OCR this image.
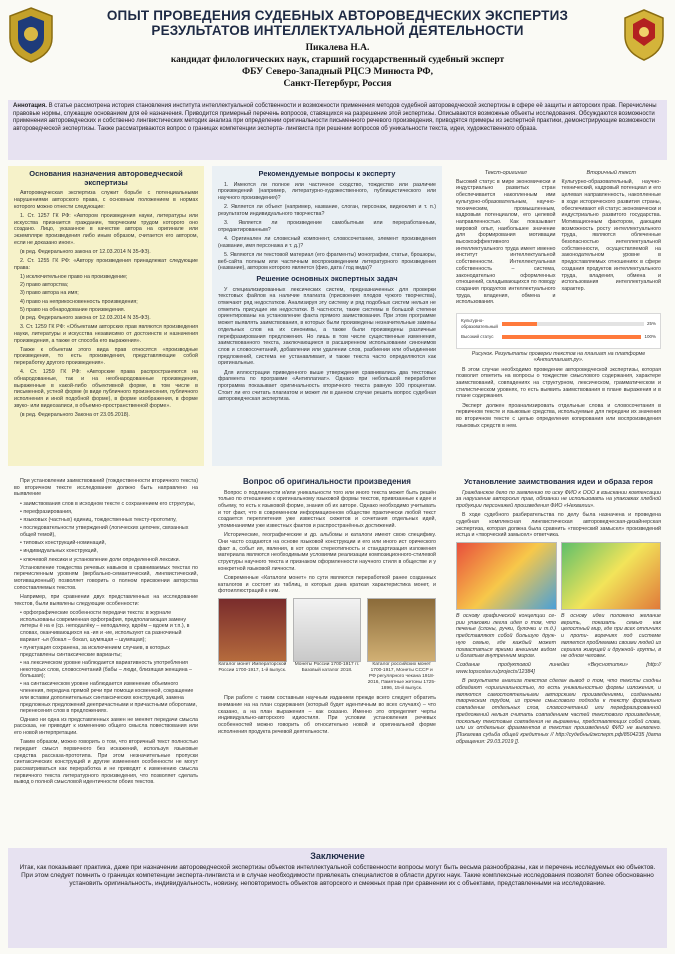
ОПЫТ ПРОВЕДЕНИЯ СУДЕБНЫХ АВТОРОВЕДЧЕСКИХ ЭКСПЕРТИЗ
РЕЗУЛЬТАТОВ ИНТЕЛЛЕКТУАЛЬНОЙ ДЕЯТЕЛЬНОСТИ
Пикалева Н.А.
кандидат филологических наук, старший государственный судебный эксперт
ФБУ Северо-Западный РЦСЭ Минюста РФ,
Санкт-Петербург, Россия
Аннотация. В статье рассмотрена история становления института интеллектуальной собственности и возможности применения методов судебной автороведческой экспертизы в сфере её защиты и авторских прав. Перечислены правовые нормы, служащие основанием для её назначения. Приводится примерный перечень вопросов, ставящихся на разрешение этой экспертизы. Описываются возможные объекты исследования. Обсуждаются возможности применения автороведческих и собственно лингвистических методик анализа при определении оригинальности письменного речевого произведения, приводятся примеры из экспертной практики, демонстрирующие возможности автороведческой экспертизы. Также рассматриваются вопрос о границах компетенции эксперта- лингвиста при решении вопросов об уникальности текста, идеи, художественного образа.
Основания назначения автороведческой экспертизы
Автороведческая экспертиза служит борьбе с потенциальными нарушениями авторского права, с основным положением в нормах которого можно отнести следующие:
1. Ст. 1257 ГК РФ: «Автором произведения науки, литературы или искусства признается гражданин, творческим трудом которого оно создано. Лицо, указанное в качестве автора на оригинале или экземпляре произведения либо иным образом, считается его автором, если не доказано иное».
(в ред. Федерального закона от 12.03.2014 N 35-ФЗ).
2. Ст. 1255 ГК РФ: «Автору произведения принадлежат следующие права:
1) исключительное право на произведение;
2) право авторства;
3) право автора на имя;
4) право на неприкосновенность произведения;
5) право на обнародование произведения.
(в ред. Федерального закона от 12.03.2014 N 35-ФЗ).
3. Ст. 1259 ГК РФ: «Объектами авторских прав являются произведения науки, литературы и искусства независимо от достоинств и назначения произведения, а также от способа его выражения».
Также к объектам этого вида прав относятся «производные произведения, то есть произведения, представляющие собой переработку другого произведения».
4. Ст. 1259 ГК РФ: «Авторские права распространяются на обнародованные, так и на необнародованные произведения, выраженные в какой-либо объективной форме, в том числе в письменной, устной форме (в виде публичного произнесения, публичного исполнения и иной подобной форме), в форме изображения, в форме звуко- или видеозаписи, в объемно-пространственной форме».
(в ред. Федерального Закона от 23.05.2018).
При установлении заимствований (тождественности вторичного текста) во вторичном тексте исследование должно быть направлено на выявление
• заимствования слов в исходном тексте с сохранением его структуры,
• перефразирования,
• языковых (частных) единиц, тождественных тексту-прототипу,
• последовательности утверждений (логических цепочек, связанных общей темой),
• типовых конструкций-номинаций,
• индивидуальных конструкций,
• ключевой лексики и установление доли определенной лексики.
Установление тождества речевых навыков в сравниваемых текстах по перечисленным уровням (вербально-семантический, лингвистический, мотивационный) позволяет говорить о полном присвоении авторства сопоставляемых текстов.
Например, при сравнении двух представленных на исследование текстов, были выявлены следующие особенности:
• орфографические особенности передачи текста: в журнале использованы современная орфография, предполагающая замену литеры ё на е (ср. неподалёку – неподалеку, вдоём – вдоем и т.п.), в словах, оканчивающихся на -ия и -ие, используют са разночиный вариант -ья (бокал – бокал, шумящая – шумящая);
• пунктуация сохранена, за исключением случаев, в которых представлены синтаксические варианты;
• на лексическом уровне наблюдается вариативность употребления некоторых слов, словосочетаний (бабы – люди, близящая женщина – большая);
• на синтаксическом уровне наблюдается изменение объемного членения, передача прямой речи при помощи косвенной, сокращение или вставки дополнительных синтаксических конструкций, замена предложных предложений деепричастными и причастными оборотами, перенесения слов в предложениях.
Однако ни одна из представленных замен не меняет передачи смысла рассказа, не приводит к изменению общего смысла повествования или его новой интерпретации.
Таким образом, можно говорить о том, что вторичный текст полностью передает смысл первичного без искажений, используя языковые средства рассказа-прототипа. При этом незначительные пропуски синтаксических конструкций и другие изменения особенности не могут рассматриваться как переработка и не приводят к изменению смысла первичного текста литературного произведения, что позволяет сделать вывод о полной смысловой идентичности обоих текстов.
Рекомендуемые вопросы к эксперту
1. Имеются ли полное или частичное сходство, тождество или различие произведений (например, литературно-художественного, публицистического или научного произведения)?
2. Является ли объект (например, название, слоган, персонаж, видеоклип и т. п.) результатом индивидуального творчества?
3. Является ли произведение самобытным или переработанным, отредактированным?
4. Оригинален ли словесный компонент, словосочетание, элемент произведения (название, имя персонажа и т. д.)?
5. Являются ли текстовой материал (его фрагменты) монографии, статьи, брошюры, веб-сайта полным или частичным воспроизведением литературного произведения (название), автором которого является (фио, дата / год вида)?
Решение основных экспертных задач
У специализированных лексических систем, предназначенных для проверки текстовых файлов на наличие плагиата (присвоения плодов чужого творчества), отмечают ряд недостатков. Анализируя эту систему и ряд подобных систем нельзя не отметить присущие им недостатки. В частности, такие системы в большой степени ориентированы на установление факта прямого заимствования. При этом программе может выявлять заимствования, в которых были произведены незначительные замены отдельных слов на их синонимы, а также были произведены различные перефразирования предложения. Но лишь в том числе существенные изменения, заимствованного текста, заключающиеся в расширенном использовании синонимов слов и словосочетаний, добавлении или удалении слов, разбиении или объединении предложений, система не устанавливает, и также текста часто определяются как оригинальные.
Для иллюстрации приведенного выше утверждения сравнивались два текстовых фрагмента по программе «Антиплагиат». Однако при небольшой переработке программа показывает оригинальность вторичного текста равную 100 процентам. Стоит ли его считать плагиатом и может ли в данном случае решить вопрос судебная автороведческая экспертиза.
Вопрос об оригинальности произведения
Вопрос о подлинности и/или уникальности того или иного текста может быть решён только по отношению к оригинальному языковой формы текстов, привязанные к идее и объему, то есть к языковой форме, знания об их авторе. Однако необходимо учитывать и тот факт, что в современном информационном обществе практически любой текст создается переплетения уже известных сюжетов и сочетания отдельных идей, упоминаниями уже известных фактов и распространённых достижений.
Исторические, географические и др. альбомы и каталоги имеют свою специфику. Они часто создаются на основе языковой конструкции и его или иного ист орического факт а, событ ия, явления, в кот ором стереотипность и стандартизация изложения материала являются необходимыми условиями реализации композиционного-стилевой структуры научного текста и признаком оформленности научного стиля в обществе и у конкретной языковой личности.
Современные «Каталоги монет» по сути являются переработкой ранее созданных каталогов и состоят из таблиц, в которых дана краткая характеристика монет, и фотоиллюстраций к ним.
Каталог монет Императорской России 1700-1917, 1-й выпуск.
Монеты России 1700-1917 гг. Базовый каталог 2018.
Каталог российских монет 1700-1917, Монеты СССР и РФ регулярного чекана 1918-2016, Памятные жетоны 1725-1896, 15-й выпуск.
При работе с таким составным научным изданием прежде всего следует обратить внимание на на план содержания (который будет идентичным во всех случаях) – что сказано, а на план выражения – как сказано. Именно это определяет черты индивидуально-авторского идиостиля. При условии установления речевых особенностей можно говорить об относительно новой и оригинальной форме исполнения продукта речевой деятельности.
Текст-оригинал
Высокий статус в мире экономически и индустриально развитых стран обеспечивается накопленным ими культурно-образовательным, научно-техническим, промышленным, кадровым потенциалом, его целевой направленностью. Как показывает мировой опыт, наибольшее значение для формирования мотивации высокоэффективного интеллектуального труда имеет именно институт интеллектуальной собственности. Интеллектуальная собственность – система, законодательно оформленных отношений, складывающихся по поводу создания продуктов интеллектуального труда, владения, обмена и использования.
Вторичный текст
Культурно-образовательный, научно-технический, кадровый потенциал и его целевая направленность, накопленные в ходе исторического развития страны, обеспечивают ей статус экономически и индустриально развитого государства. Мотивационным фактором, дающим возможность росту интеллектуального труда, являются облеченные безопасностью интеллектуальной собственности, осуществляемой на законодательном уровне в предоставляемых отношениях в сфере создания продуктов интеллектуального труда, владения, обмена и использования интеллектуальной характер.
Культурно-образовательный
25%
Высокий статус	100%
Рисунок. Результаты проверки текстов на плагиат на платформе «Антиплагиат.ру».
В этом случае необходимо проведение автороведческой экспертизы, которая позволит ответить на вопросы о тождестве смыслового содержания, характере заимствований, совпадениях на структурном, лексическом, грамматическом и стилистическом уровнях, то есть выявить заимствования в плане выражения и в плане содержания.
Эксперт должен проанализировать отдельные слова и словосочетания в первичном тексте и языковые средства, используемые для передачи их значения во вторичном тексте с целью определения копирования или воспроизведения языковых средств в нем.
Установление заимствования идеи и образа героя
Гражданское дело по заявлению по иску ФИО к ООО в взыскании компенсации за нарушение авторских прав, обязании не использовать на упаковках хлебной продукции персонажей произведения ФИО «Нехвалии».
В ходе судебного разбирательства по делу была назначена и проведена судебная комплексная лингвистическая автороведческая-дизайнерская экспертиза, которая должна была сравнить «творческий замысел» произведений истца и «творческий замысел» ответчика.
В основу графической концепции се- рии упаковки легла идея о том, что печенье (слоны, ручки, булочки и т.д.) представляют собой большую друж- ную семью, где каждый может похвастаться яркими внешним видом и богатым внутренним миром.
В основу идеи положено желание верить, показать семью как целостный мир, где при всех отличиях и проти- воречиях под системе является проблемами своими людей из сериала живущей и дружной- группы, в не одном человек.
Создание продуктовой линейки «Вкуснотитки» [http:// www.topsostav.ru/projects/12384]
В результате анализа текстов сделан вывод о том, что тексты сходны обладают «оригинальностью, по есть уникальностью формы изложения, и являются самостоятельными авторскими произведениями, созданными творческим трудом, из прочее смыслового подхода к тексту формально совпадение отдельных слов, словосочетаний или перефразированной предложений нельзя считать совпадением частей текстового произведения, поскольку текстовые совпадения не выражены, представляющих собой слова, или их отдельных фрагментов в текстах произведений ФИО не выявлено. [Пикалева судьба общей кредитных // http://судебныйэксперт.рф/8504235 [дата обращения: 29.03.2019 ]].
Заключение
Итак, как показывает практика, даже при назначении автороведческой экспертизы объектов интеллектуальной собственности вопросы могут быть весьма разнообразны, как и перечень исследуемых ею объектов. При этом следует помнить о границах компетенции эксперта-лингвиста и в случае необходимости привлекать специалистов в области других наук. Такие комплексные исследования позволят более обоснованно установить оригинальность, индивидуальность, новизну, неповторимость объектов авторского и смежных прав при сравнении их с объектами, представленными на исследование.
